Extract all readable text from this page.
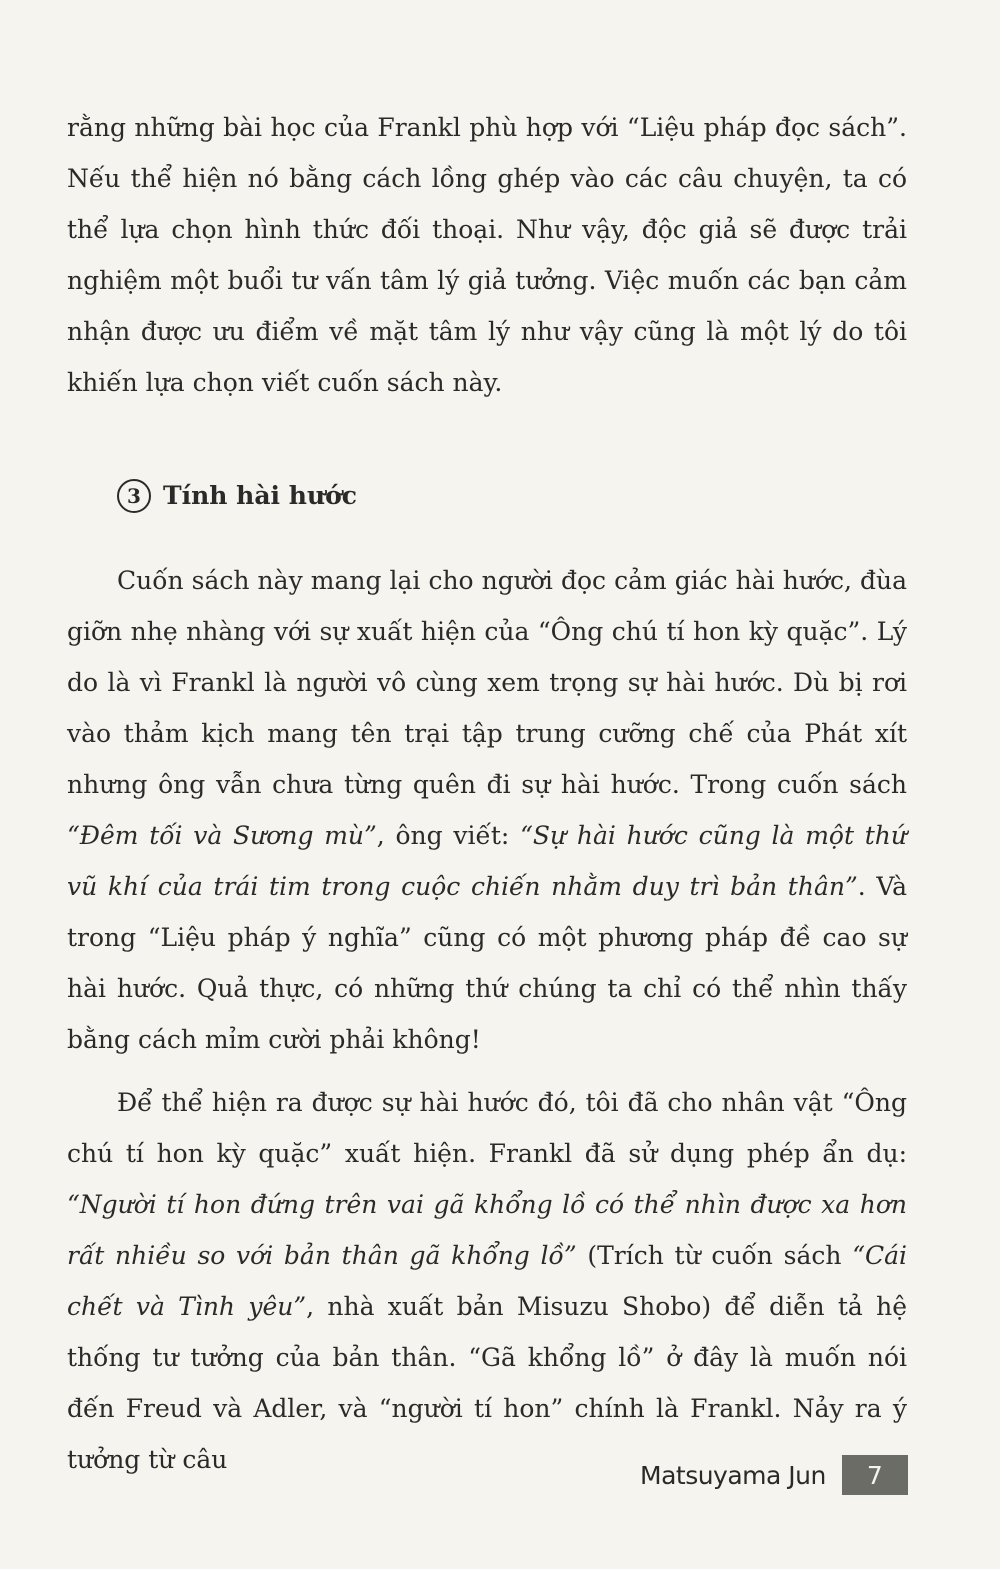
rằng những bài học của Frankl phù hợp với “Liệu pháp đọc sách”. Nếu thể hiện nó bằng cách lồng ghép vào các câu chuyện, ta có thể lựa chọn hình thức đối thoại. Như vậy, độc giả sẽ được trải nghiệm một buổi tư vấn tâm lý giả tưởng. Việc muốn các bạn cảm nhận được ưu điểm về mặt tâm lý như vậy cũng là một lý do tôi khiến lựa chọn viết cuốn sách này.

3 Tính hài hước

Cuốn sách này mang lại cho người đọc cảm giác hài hước, đùa giỡn nhẹ nhàng với sự xuất hiện của “Ông chú tí hon kỳ quặc”. Lý do là vì Frankl là người vô cùng xem trọng sự hài hước. Dù bị rơi vào thảm kịch mang tên trại tập trung cưỡng chế của Phát xít nhưng ông vẫn chưa từng quên đi sự hài hước. Trong cuốn sách “Đêm tối và Sương mù”, ông viết: “Sự hài hước cũng là một thứ vũ khí của trái tim trong cuộc chiến nhằm duy trì bản thân”. Và trong “Liệu pháp ý nghĩa” cũng có một phương pháp đề cao sự hài hước. Quả thực, có những thứ chúng ta chỉ có thể nhìn thấy bằng cách mỉm cười phải không!

Để thể hiện ra được sự hài hước đó, tôi đã cho nhân vật “Ông chú tí hon kỳ quặc” xuất hiện. Frankl đã sử dụng phép ẩn dụ: “Người tí hon đứng trên vai gã khổng lồ có thể nhìn được xa hơn rất nhiều so với bản thân gã khổng lồ” (Trích từ cuốn sách “Cái chết và Tình yêu”, nhà xuất bản Misuzu Shobo) để diễn tả hệ thống tư tưởng của bản thân. “Gã khổng lồ” ở đây là muốn nói đến Freud và Adler, và “người tí hon” chính là Frankl. Nảy ra ý tưởng từ câu

Matsuyama Jun 7
